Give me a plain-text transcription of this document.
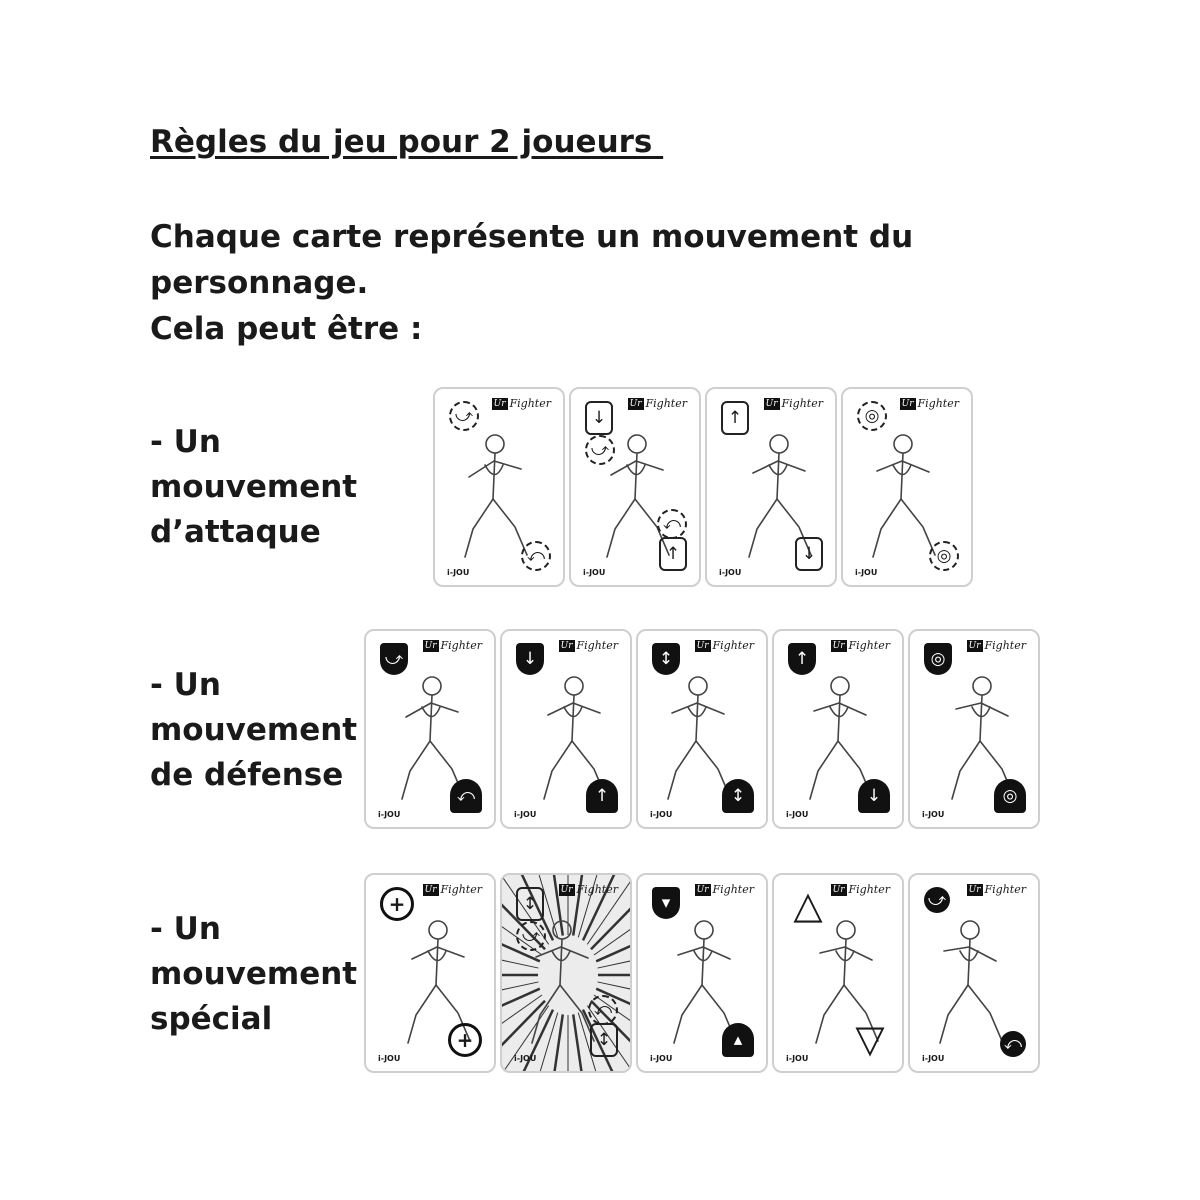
Règles du jeu pour 2 joueurs
Chaque carte représente un mouvement du
personnage.
Cela peut être :
- Un
mouvement
d’attaque
⤻
⤺
Ur Fighter
i-JOU
↓
⤻
↑
⤺
Ur Fighter
i-JOU
↑
↓
Ur Fighter
i-JOU
◎
◎
Ur Fighter
i-JOU
- Un
mouvement
de défense
⤻
⤺
Ur Fighter
i-JOU
↓
↑
Ur Fighter
i-JOU
↕
↕
Ur Fighter
i-JOU
↑
↓
Ur Fighter
i-JOU
◎
◎
Ur Fighter
i-JOU
- Un
mouvement
spécial
+
+
Ur Fighter
i-JOU
↕
⤻
↕
⤺
Ur Fighter
i-JOU
▾
▴
Ur Fighter
i-JOU
△
▽
Ur Fighter
i-JOU
⤻
⤺
Ur Fighter
i-JOU
